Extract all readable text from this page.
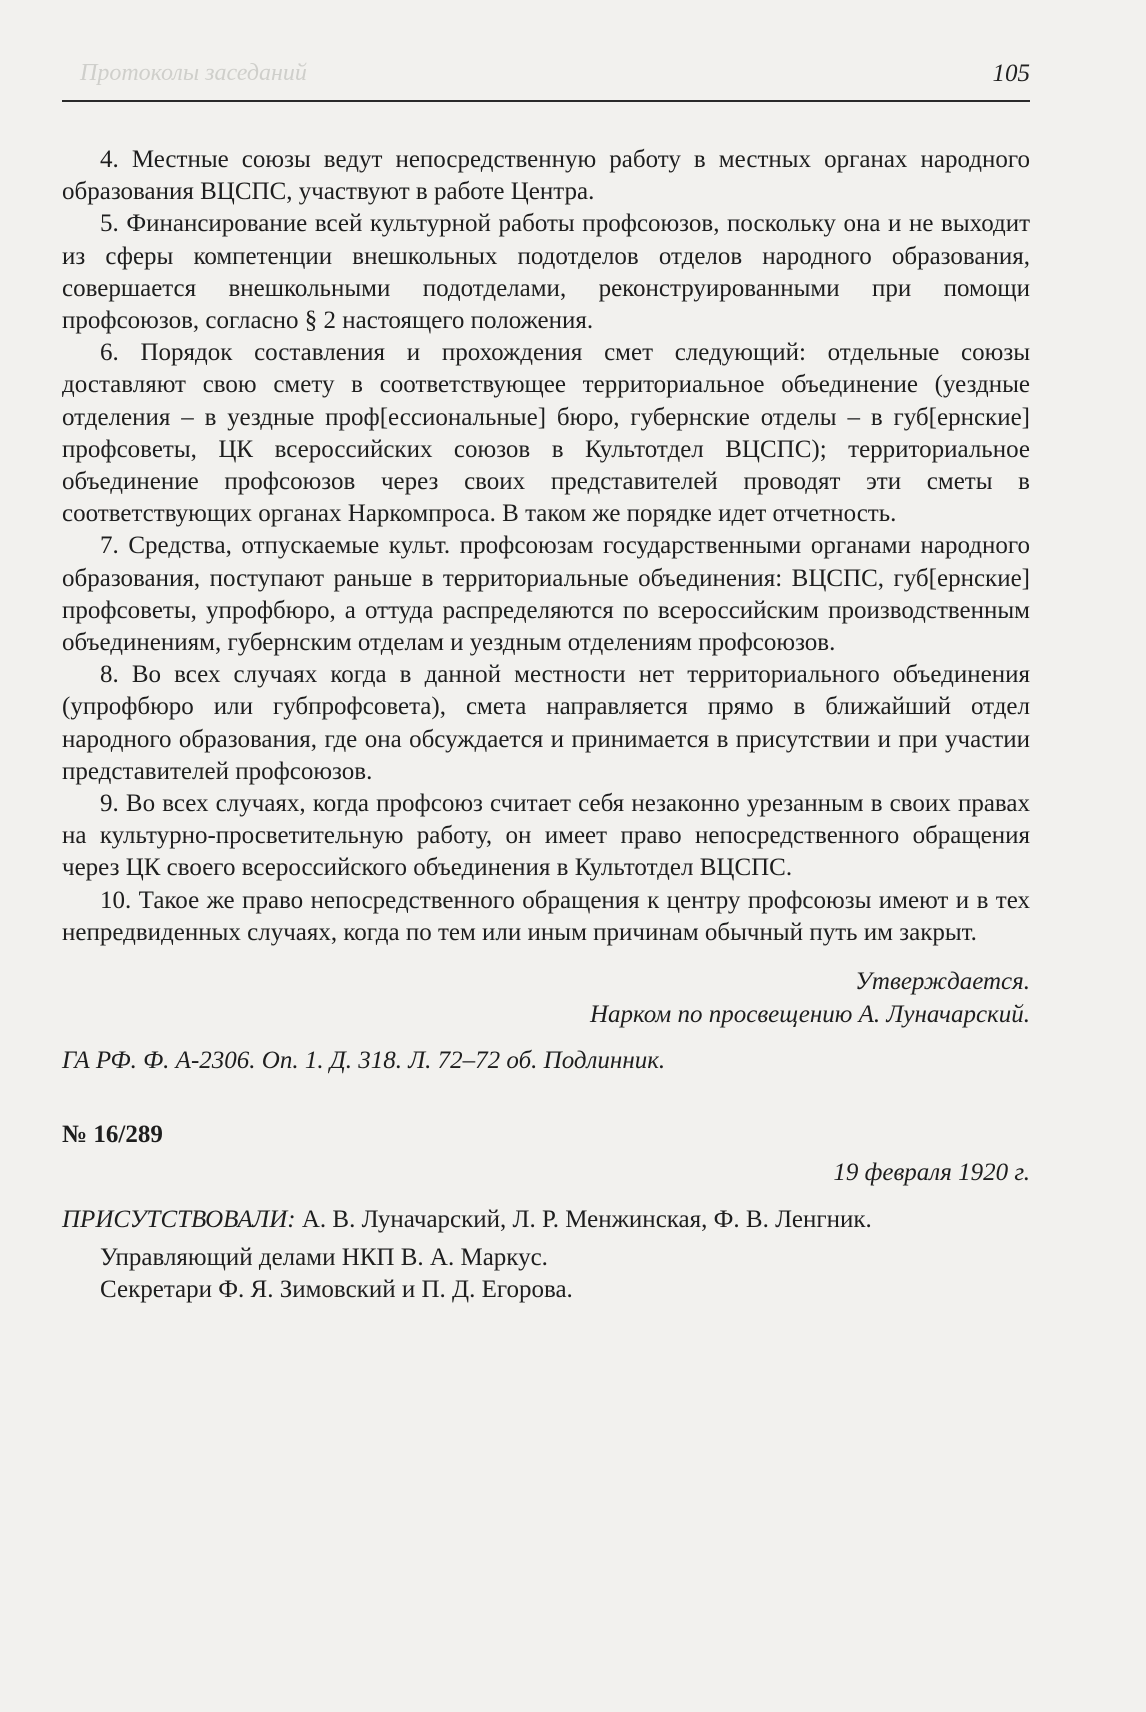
Протоколы заседаний	105

4. Местные союзы ведут непосредственную работу в местных органах народного образования ВЦСПС, участвуют в работе Центра.

5. Финансирование всей культурной работы профсоюзов, поскольку она и не выходит из сферы компетенции внешкольных подотделов отделов народного образования, совершается внешкольными подотделами, реконструированными при помощи профсоюзов, согласно § 2 настоящего положения.

6. Порядок составления и прохождения смет следующий: отдельные союзы доставляют свою смету в соответствующее территориальное объединение (уездные отделения – в уездные проф[ессиональные] бюро, губернские отделы – в губ[ернские] профсоветы, ЦК всероссийских союзов в Культотдел ВЦСПС); территориальное объединение профсоюзов через своих представителей проводят эти сметы в соответствующих органах Наркомпроса. В таком же порядке идет отчетность.

7. Средства, отпускаемые культ. профсоюзам государственными органами народного образования, поступают раньше в территориальные объединения: ВЦСПС, губ[ернские] профсоветы, упрофбюро, а оттуда распределяются по всероссийским производственным объединениям, губернским отделам и уездным отделениям профсоюзов.

8. Во всех случаях когда в данной местности нет территориального объединения (упрофбюро или губпрофсовета), смета направляется прямо в ближайший отдел народного образования, где она обсуждается и принимается в присутствии и при участии представителей профсоюзов.

9. Во всех случаях, когда профсоюз считает себя незаконно урезанным в своих правах на культурно-просветительную работу, он имеет право непосредственного обращения через ЦК своего всероссийского объединения в Культотдел ВЦСПС.

10. Такое же право непосредственного обращения к центру профсоюзы имеют и в тех непредвиденных случаях, когда по тем или иным причинам обычный путь им закрыт.

Утверждается.
Нарком по просвещению А. Луначарский.

ГА РФ. Ф. А-2306. Оп. 1. Д. 318. Л. 72–72 об. Подлинник.

№ 16/289

19 февраля 1920 г.

ПРИСУТСТВОВАЛИ: А. В. Луначарский, Л. Р. Менжинская, Ф. В. Ленгник.

Управляющий делами НКП В. А. Маркус.

Секретари Ф. Я. Зимовский и П. Д. Егорова.
